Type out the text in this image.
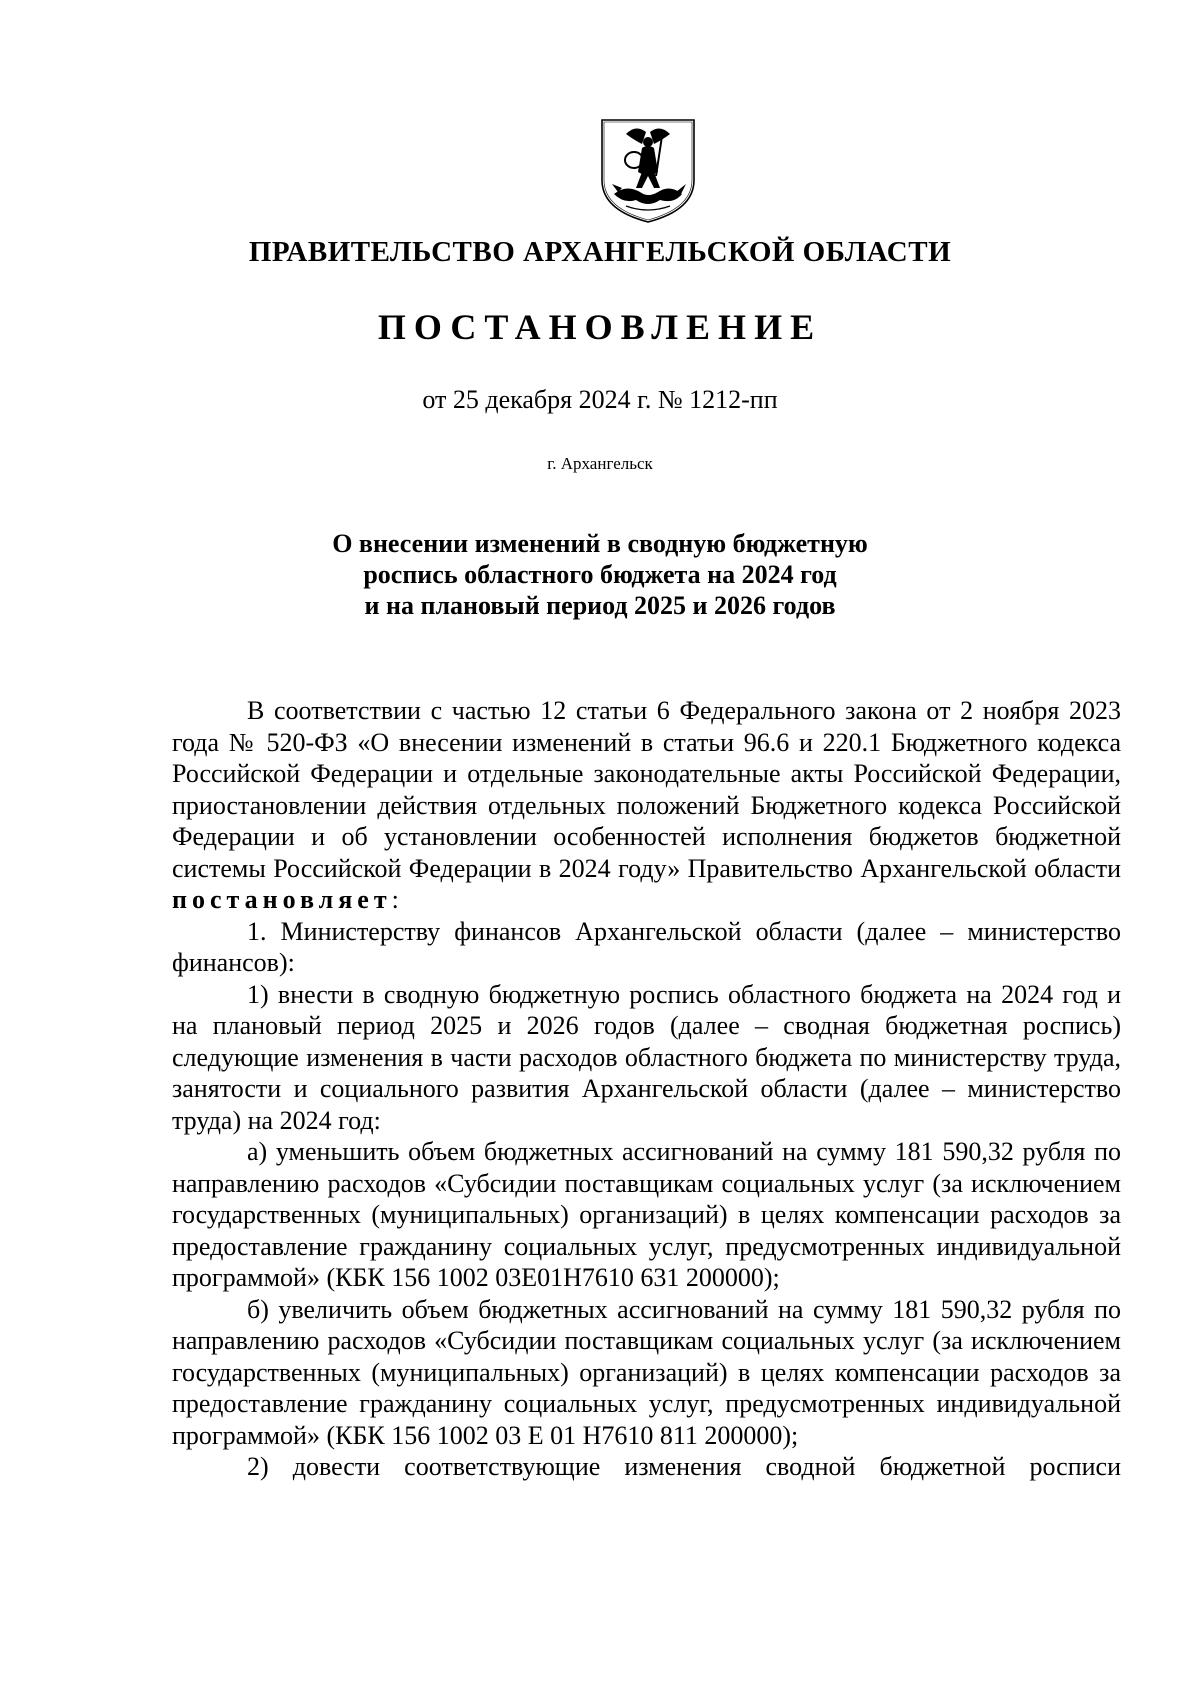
ПРАВИТЕЛЬСТВО АРХАНГЕЛЬСКОЙ ОБЛАСТИ
ПОСТАНОВЛЕНИЕ
от 25 декабря 2024 г. № 1212-пп
г. Архангельск
О внесении изменений в сводную бюджетную
роспись областного бюджета на 2024 год
и на плановый период 2025 и 2026 годов

В соответствии с частью 12 статьи 6 Федерального закона от 2 ноября 2023 года № 520-ФЗ «О внесении изменений в статьи 96.6 и 220.1 Бюджетного кодекса Российской Федерации и отдельные законодательные акты Российской Федерации, приостановлении действия отдельных положений Бюджетного кодекса Российской Федерации и об установлении особенностей исполнения бюджетов бюджетной системы Российской Федерации в 2024 году» Правительство Архангельской области постановляет:

1. Министерству финансов Архангельской области (далее – министерство финансов):

1) внести в сводную бюджетную роспись областного бюджета на 2024 год и на плановый период 2025 и 2026 годов (далее – сводная бюджетная роспись) следующие изменения в части расходов областного бюджета по министерству труда, занятости и социального развития Архангельской области (далее – министерство труда) на 2024 год:

а) уменьшить объем бюджетных ассигнований на сумму 181 590,32 рубля по направлению расходов «Субсидии поставщикам социальных услуг (за исключением государственных (муниципальных) организаций) в целях компенсации расходов за предоставление гражданину социальных услуг, предусмотренных индивидуальной программой» (КБК 156 1002 03Е01Н7610 631 200000);

б) увеличить объем бюджетных ассигнований на сумму 181 590,32 рубля по направлению расходов «Субсидии поставщикам социальных услуг (за исключением государственных (муниципальных) организаций) в целях компенсации расходов за предоставление гражданину социальных услуг, предусмотренных индивидуальной программой» (КБК 156 1002 03 Е 01 Н7610 811 200000);

2) довести соответствующие изменения сводной бюджетной росписи
